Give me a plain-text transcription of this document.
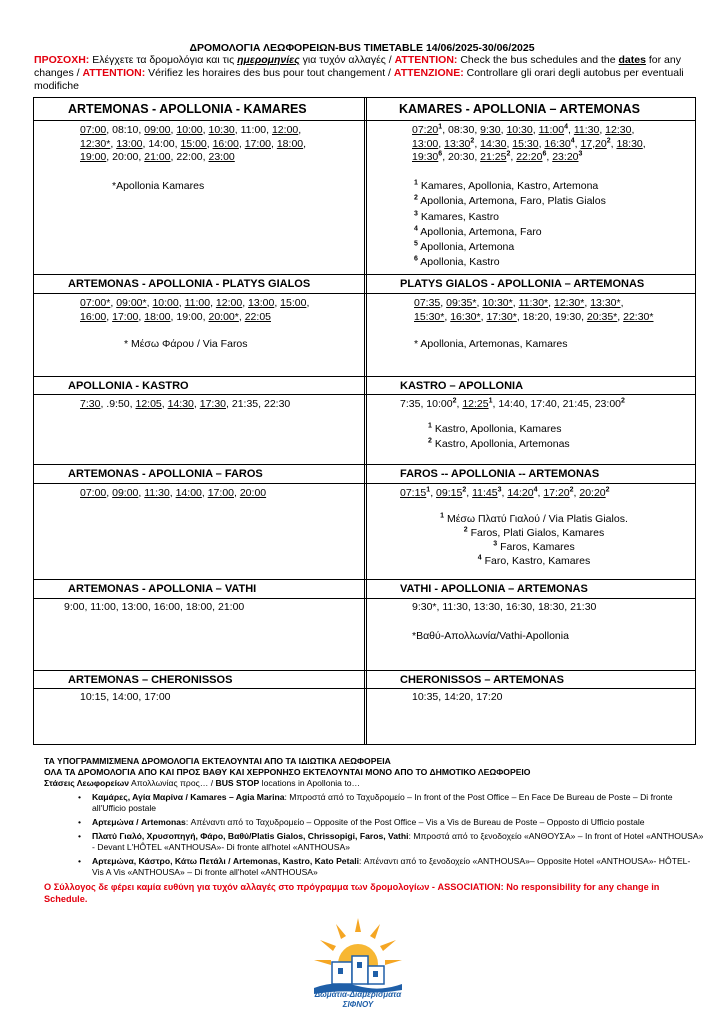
ΔΡΟΜΟΛΟΓΙΑ ΛΕΩΦΟΡΕΙΩΝ-BUS TIMETABLE 14/06/2025-30/06/2025
ΠΡΟΣΟΧΗ: Ελέγχετε τα δρομολόγια και τις ημερομηνίες για τυχόν αλλαγές / ATTENTION: Check the bus schedules and the dates for any changes / ATTENTION: Vérifiez les horaires des bus pour tout changement / ATTENZIONE: Controllare gli orari degli autobus per eventuali modifiche
ARTEMONAS - APOLLONIA - KAMARES
07:00, 08:10, 09:00, 10:00, 10:30, 11:00, 12:00,
12:30*, 13:00, 14:00, 15:00, 16:00, 17:00, 18:00,
19:00, 20:00, 21:00, 22:00, 23:00
*Apollonia Kamares
KAMARES - APOLLONIA – ARTEMONAS
$07:20^1$, 08:30, 9:30, 10:30, $11:00^4$, 11:30, 12:30,
13:00, $13:30^2$, 14:30, 15:30, $16:30^4$, 17,20$^2$, 18:30,
$19:30^6$, 20:30, $21:25^2$, $22:20^6$, $23:20^3$
$^1$ Kamares, Apollonia, Kastro, Artemona
$^2$ Apollonia, Artemona, Faro, Platis Gialos
$^3$ Kamares, Kastro
$^4$ Apollonia, Artemona, Faro
$^5$ Apollonia, Artemona
$^6$ Apollonia, Kastro
ARTEMONAS - APOLLONIA - PLATYS GIALOS
07:00*, 09:00*, 10:00, 11:00, 12:00, 13:00, 15:00,
16:00, 17:00, 18:00, 19:00, 20:00*, 22:05
* Μέσω Φάρου / Via Faros
PLATYS GIALOS - APOLLONIA – ARTEMONAS
07:35, 09:35*, 10:30*, 11:30*, 12:30*, 13:30*,
15:30*, 16:30*, 17:30*, 18:20, 19:30, 20:35*, 22:30*
* Apollonia, Artemonas, Kamares
APOLLONIA - KASTRO
7:30, .9:50, 12:05, 14:30, 17:30, 21:35, 22:30
KASTRO – APOLLONIA
7:35, $10:00^2$, $12:25^1$, 14:40, 17:40, 21:45, $23:00^2$
$^1$ Kastro, Apollonia, Kamares
$^2$ Kastro, Apollonia, Artemonas
ARTEMONAS - APOLLONIA – FAROS
07:00, 09:00, 11:30, 14:00, 17:00, 20:00
FAROS -- APOLLONIA -- ARTEMONAS
$07:15^1$, $09:15^2$, $11:45^3$, $14:20^4$, $17:20^2$, $20:20^2$
$^1$ Μέσω Πλατύ Γιαλού / Via Platis Gialos.
$^2$ Faros, Plati Gialos, Kamares
$^3$ Faros, Kamares
$^4$ Faro, Kastro, Kamares
ARTEMONAS - APOLLONIA – VATHI
9:00, 11:00, 13:00, 16:00, 18:00, 21:00
VATHI - APOLLONIA – ARTEMONAS
9:30*, 11:30, 13:30, 16:30, 18:30, 21:30
*Βαθύ-Απολλωνία/Vathi-Apollonia
ARTEMONAS – CHERONISSOS
10:15, 14:00, 17:00
CHERONISSOS – ARTEMONAS
10:35, 14:20, 17:20
ΤΑ ΥΠΟΓΡΑΜΜΙΣΜΕΝΑ ΔΡΟΜΟΛΟΓΙΑ ΕΚΤΕΛΟΥΝΤΑΙ ΑΠΟ ΤΑ ΙΔΙΩΤΙΚΑ ΛΕΩΦΟΡΕΙΑ
ΟΛΑ ΤΑ ΔΡΟΜΟΛΟΓΙΑ ΑΠΟ ΚΑΙ ΠΡΟΣ ΒΑΘΥ ΚΑΙ ΧΕΡΡΟΝΗΣΟ ΕΚΤΕΛΟΥΝΤΑΙ ΜΟΝΟ ΑΠΟ ΤΟ ΔΗΜΟΤΙΚΟ ΛΕΩΦΟΡΕΙΟ
Στάσεις Λεωφορείων Απολλωνίας προς… / BUS STOP locations in Apollonia to…
• Καμάρες, Αγία Μαρίνα / Kamares – Agia Marina: Μπροστά από το Ταχυδρομείο – In front of the Post Office – En Face De Bureau de Poste – Di fronte all'Ufficio postale
• Αρτεμώνα / Artemonas: Απέναντι από το Ταχυδρομείο – Opposite of the Post Office – Vis a Vis de Bureau de Poste – Opposto di Ufficio postale
• Πλατύ Γιαλό, Χρυσοπηγή, Φάρο, Βαθύ/Platis Gialos, Chrissopigi, Faros, Vathi: Μπροστά από το ξενοδοχείο «ΑΝΘΟΥΣΑ» – In front of Hotel «ANTHOUSA» - Devant L'HÔTEL «ANTHOUSA»- Di fronte all'hotel «ANTHOUSA»
• Αρτεμώνα, Κάστρο, Κάτω Πετάλι / Artemonas, Kastro, Kato Petali: Απέναντι από το ξενοδοχείο «ANTHOUSA»– Opposite Hotel «ANTHOUSA»- HÔTEL- Vis A Vis «ANTHOUSA» – Di fronte all'hotel «ANTHOUSA»
Ο Σύλλογος δε φέρει καμία ευθύνη για τυχόν αλλαγές στο πρόγραμμα των δρομολογίων - ASSOCIATION: No responsibility for any change in Schedule.
Δωμάτια-Διαμερίσματα ΣΙΦΝΟΥ
